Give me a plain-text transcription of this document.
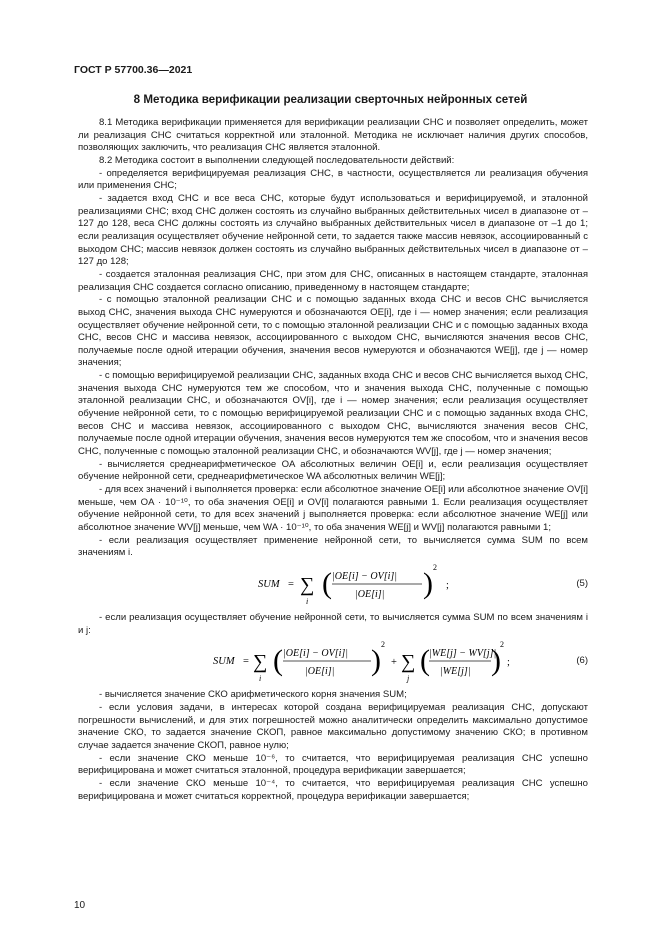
ГОСТ Р 57700.36—2021
8 Методика верификации реализации сверточных нейронных сетей

8.1 Методика верификации применяется для верификации реализации СНС и позволяет определить, может ли реализация СНС считаться корректной или эталонной. Методика не исключает наличия других способов, позволяющих заключить, что реализация СНС является эталонной.

8.2 Методика состоит в выполнении следующей последовательности действий:

- определяется верифицируемая реализация СНС, в частности, осуществляется ли реализация обучения или применения СНС;

- задается вход СНС и все веса СНС, которые будут использоваться и верифицируемой, и эталонной реализациями СНС; вход СНС должен состоять из случайно выбранных действительных чисел в диапазоне от –127 до 128, веса СНС должны состоять из случайно выбранных действительных чисел в диапазоне от –1 до 1; если реализация осуществляет обучение нейронной сети, то задается также массив невязок, ассоциированный с выходом СНС; массив невязок должен состоять из случайно выбранных действительных чисел в диапазоне от –127 до 128;

- создается эталонная реализация СНС, при этом для СНС, описанных в настоящем стандарте, эталонная реализация СНС создается согласно описанию, приведенному в настоящем стандарте;

- с помощью эталонной реализации СНС и с помощью заданных входа СНС и весов СНС вычисляется выход СНС, значения выхода СНС нумеруются и обозначаются OE[i], где i — номер значения; если реализация осуществляет обучение нейронной сети, то с помощью эталонной реализации СНС и с помощью заданных входа СНС, весов СНС и массива невязок, ассоциированного с выходом СНС, вычисляются значения весов СНС, получаемые после одной итерации обучения, значения весов нумеруются и обозначаются WE[j], где j — номер значения;

- с помощью верифицируемой реализации СНС, заданных входа СНС и весов СНС вычисляется выход СНС, значения выхода СНС нумеруются тем же способом, что и значения выхода СНС, полученные с помощью эталонной реализации СНС, и обозначаются OV[i], где i — номер значения; если реализация осуществляет обучение нейронной сети, то с помощью верифицируемой реализации СНС и с помощью заданных входа СНС, весов СНС и массива невязок, ассоциированного с выходом СНС, вычисляются значения весов СНС, получаемые после одной итерации обучения, значения весов нумеруются тем же способом, что и значения весов СНС, полученные с помощью эталонной реализации СНС, и обозначаются WV[j], где j — номер значения;

- вычисляется среднеарифметическое OA абсолютных величин OE[i] и, если реализация осуществляет обучение нейронной сети, среднеарифметическое WA абсолютных величин WE[j];

- для всех значений i выполняется проверка: если абсолютное значение OE[i] или абсолютное значение OV[i] меньше, чем OA · 10⁻¹⁰, то оба значения OE[i] и OV[i] полагаются равными 1. Если реализация осуществляет обучение нейронной сети, то для всех значений j выполняется проверка: если абсолютное значение WE[j] или абсолютное значение WV[j] меньше, чем WA · 10⁻¹⁰, то оба значения WE[j] и WV[j] полагаются равными 1;

- если реализация осуществляет применение нейронной сети, то вычисляется сумма SUM по всем значениям i.

SUM = ∑
i
( |OE[i] − OV[i]|
|OE[i]| ) 2
;	(5)

- если реализация осуществляет обучение нейронной сети, то вычисляется сумма SUM по всем значениям i и j:

SUM = ∑
i
( |OE[i] − OV[i]|
|OE[i]| ) 2
+ ∑
j
( |WE[j] − WV[j]|
|WE[j]| ) 2
;	(6)

- вычисляется значение СКО арифметического корня значения SUM;

- если условия задачи, в интересах которой создана верифицируемая реализация СНС, допускают погрешности вычислений, и для этих погрешностей можно аналитически определить максимально допустимое значение СКО, то задается значение СКОП, равное максимально допустимому значению СКО; в противном случае задается значение СКОП, равное нулю;

- если значение СКО меньше 10⁻⁶, то считается, что верифицируемая реализация СНС успешно верифицирована и может считаться эталонной, процедура верификации завершается;

- если значение СКО меньше 10⁻⁴, то считается, что верифицируемая реализация СНС успешно верифицирована и может считаться корректной, процедура верификации завершается;

10
